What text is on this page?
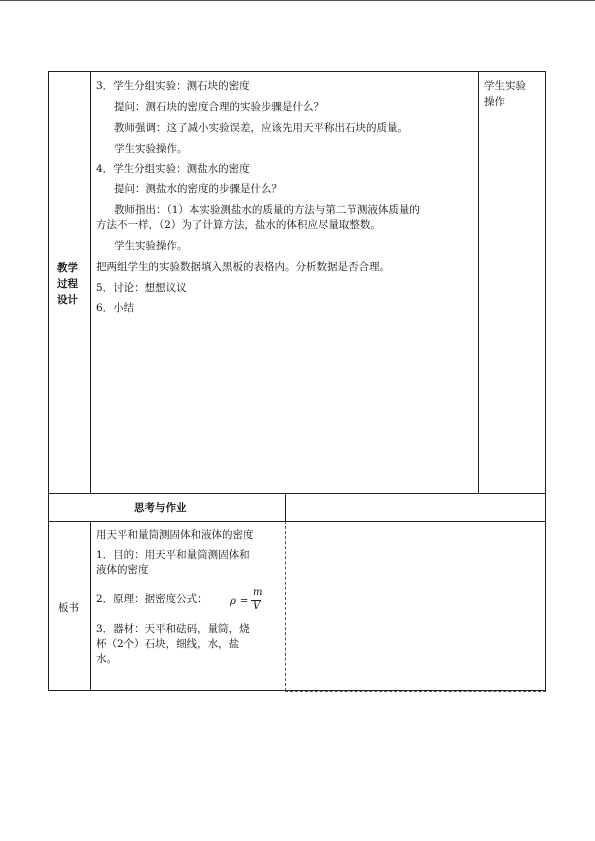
教学
过程
设计
3．学生分组实验：测石块的密度
提问：测石块的密度合理的实验步骤是什么？
教师强调：这了减小实验误差，应该先用天平称出石块的质量。
学生实验操作。
4．学生分组实验：测盐水的密度
提问：测盐水的密度的步骤是什么？
教师指出：（1）本实验测盐水的质量的方法与第二节测液体质量的
方法不一样，（2）为了计算方法，盐水的体积应尽量取整数。
学生实验操作。
把两组学生的实验数据填入黑板的表格内。分析数据是否合理。
5．讨论：想想议议
6．小结
学生实验
操作
思考与作业
板书
用天平和量筒测固体和液体的密度
1．目的：用天平和量筒测固体和
液体的密度
2．原理：据密度公式： ρ =
m
V
3．器材：天平和砝码，量筒，烧
杯（2个）石块，细线，水，盐
水。
